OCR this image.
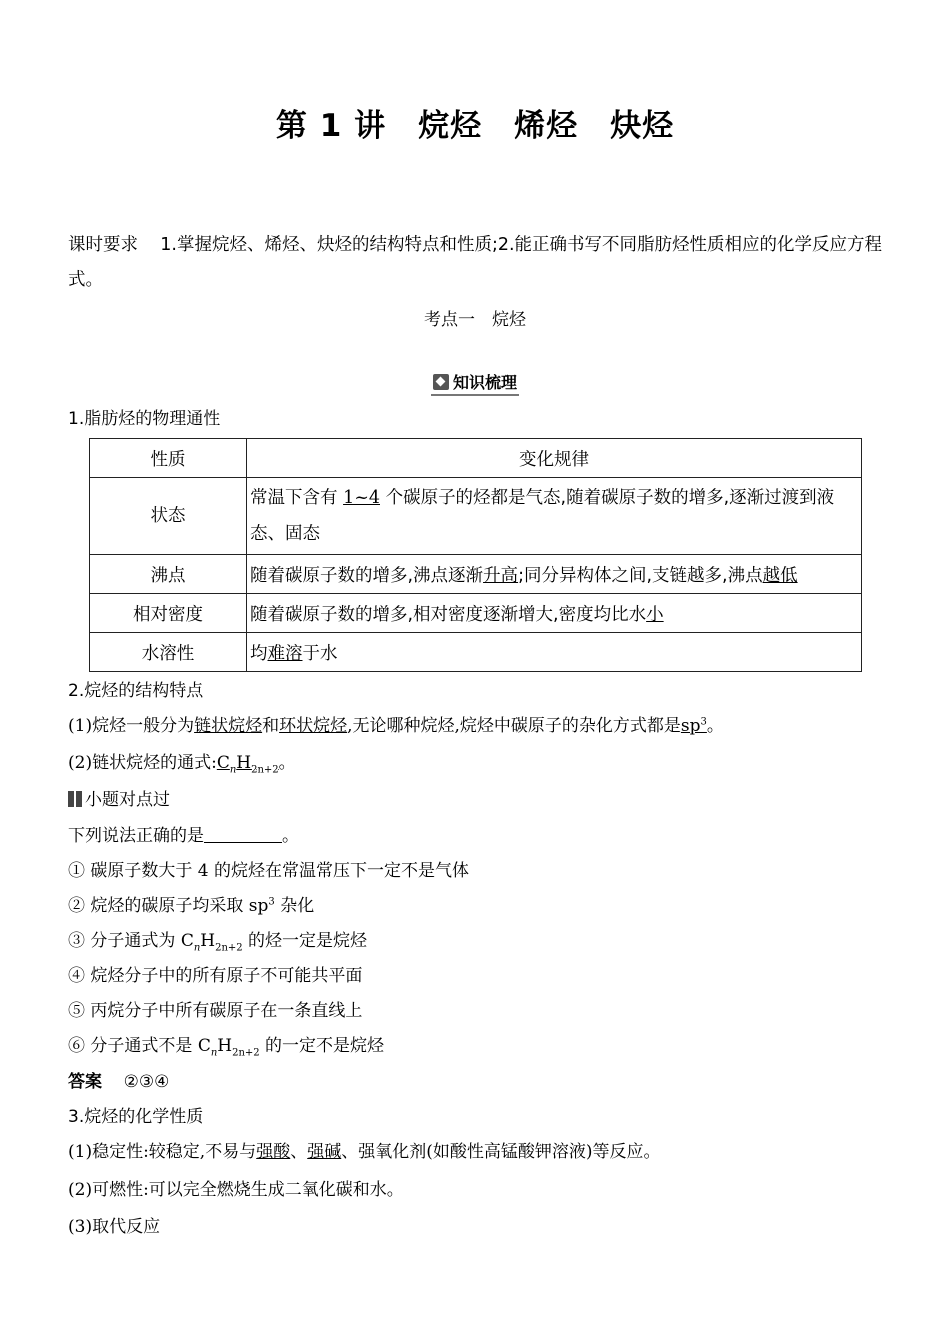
第 1 讲　烷烃　烯烃　炔烃
课时要求 1.掌握烷烃、烯烃、炔烃的结构特点和性质;2.能正确书写不同脂肪烃性质相应的化学反应方程式。
考点一　烷烃
知识梳理
1.脂肪烃的物理通性
性质	变化规律
状态	常温下含有 1~4 个碳原子的烃都是气态,随着碳原子数的增多,逐渐过渡到液态、固态
沸点	随着碳原子数的增多,沸点逐渐升高;同分异构体之间,支链越多,沸点越低
相对密度	随着碳原子数的增多,相对密度逐渐增大,密度均比水小
水溶性	均难溶于水
2.烷烃的结构特点
(1)烷烃一般分为链状烷烃和环状烷烃,无论哪种烷烃,烷烃中碳原子的杂化方式都是$sp^3$。
(2)链状烷烃的通式$:C_nH_{2n+2}$。
小题对点过
下列说法正确的是	。
① 碳原子数大于 4 的烷烃在常温常压下一定不是气体
② 烷烃的碳原子均采取 $sp^3$ 杂化
③ 分子通式为 $C_nH_{2n+2}$ 的烃一定是烷烃
④ 烷烃分子中的所有原子不可能共平面
⑤ 丙烷分子中所有碳原子在一条直线上
⑥ 分子通式不是 $C_nH_{2n+2}$ 的一定不是烷烃
答案 ②③④
3.烷烃的化学性质
(1)稳定性:较稳定,不易与强酸、强碱、强氧化剂(如酸性高锰酸钾溶液)等反应。
(2)可燃性:可以完全燃烧生成二氧化碳和水。
(3)取代反应
